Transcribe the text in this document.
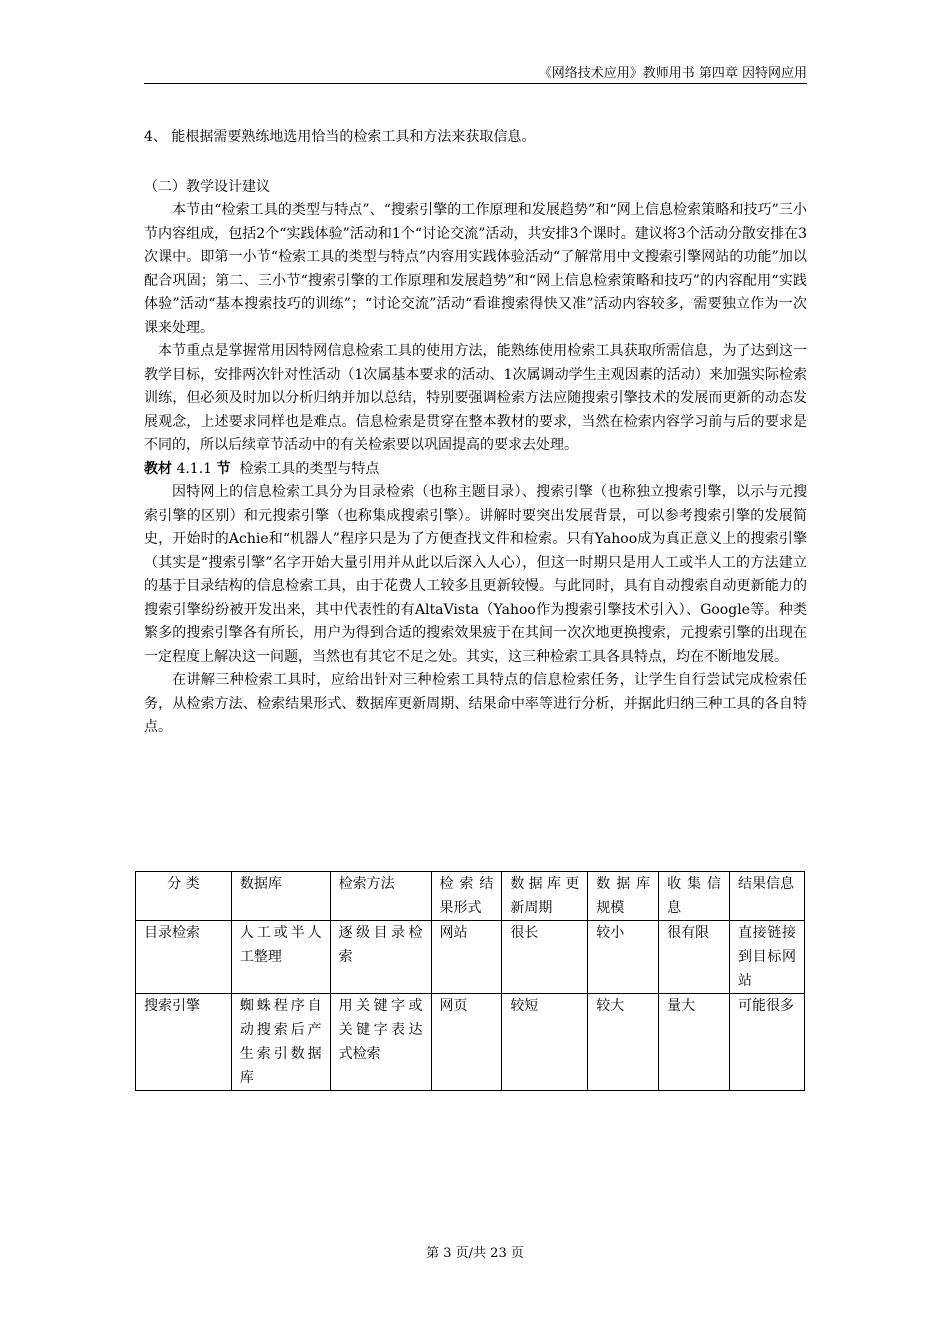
《网络技术应用》教师用书 第四章 因特网应用

4、 能根据需要熟练地选用恰当的检索工具和方法来获取信息。

（二）教学设计建议

本节由“检索工具的类型与特点”、“搜索引擎的工作原理和发展趋势”和“网上信息检索策略和技巧”三小节内容组成，包括2个“实践体验”活动和1个“讨论交流”活动，共安排3个课时。建议将3个活动分散安排在3次课中。即第一小节“检索工具的类型与特点”内容用实践体验活动“了解常用中文搜索引擎网站的功能”加以配合巩固；第二、三小节“搜索引擎的工作原理和发展趋势”和“网上信息检索策略和技巧”的内容配用“实践体验”活动“基本搜索技巧的训练”；“讨论交流”活动“看谁搜索得快又准”活动内容较多，需要独立作为一次课来处理。

本节重点是掌握常用因特网信息检索工具的使用方法，能熟练使用检索工具获取所需信息，为了达到这一教学目标，安排两次针对性活动（1次属基本要求的活动、1次属调动学生主观因素的活动）来加强实际检索训练，但必须及时加以分析归纳并加以总结，特别要强调检索方法应随搜索引擎技术的发展而更新的动态发展观念，上述要求同样也是难点。信息检索是贯穿在整本教材的要求，当然在检索内容学习前与后的要求是不同的，所以后续章节活动中的有关检索要以巩固提高的要求去处理。

教材 4.1.1 节 检索工具的类型与特点

因特网上的信息检索工具分为目录检索（也称主题目录）、搜索引擎（也称独立搜索引擎，以示与元搜索引擎的区别）和元搜索引擎（也称集成搜索引擎）。讲解时要突出发展背景，可以参考搜索引擎的发展简史，开始时的Achie和“机器人”程序只是为了方便查找文件和检索。只有Yahoo成为真正意义上的搜索引擎（其实是“搜索引擎”名字开始大量引用并从此以后深入人心），但这一时期只是用人工或半人工的方法建立的基于目录结构的信息检索工具，由于花费人工较多且更新较慢。与此同时，具有自动搜索自动更新能力的搜索引擎纷纷被开发出来，其中代表性的有AltaVista（Yahoo作为搜索引擎技术引入）、Google等。种类繁多的搜索引擎各有所长，用户为得到合适的搜索效果疲于在其间一次次地更换搜索，元搜索引擎的出现在一定程度上解决这一问题，当然也有其它不足之处。其实，这三种检索工具各具特点，均在不断地发展。

在讲解三种检索工具时，应给出针对三种检索工具特点的信息检索任务，让学生自行尝试完成检索任务，从检索方法、检索结果形式、数据库更新周期、结果命中率等进行分析，并据此归纳三种工具的各自特点。

分 类	数据库	检索方法	检索结果形式	数据库更新周期	数据库规模	收集信息	结果信息
目录检索	人工或半人工整理	逐级目录检索	网站	很长	较小	很有限	直接链接到目标网站
搜索引擎	蜘蛛程序自动搜索后产生索引数据库	用关键字或关键字表达式检索	网页	较短	较大	量大	可能很多
第 3 页/共 23 页
